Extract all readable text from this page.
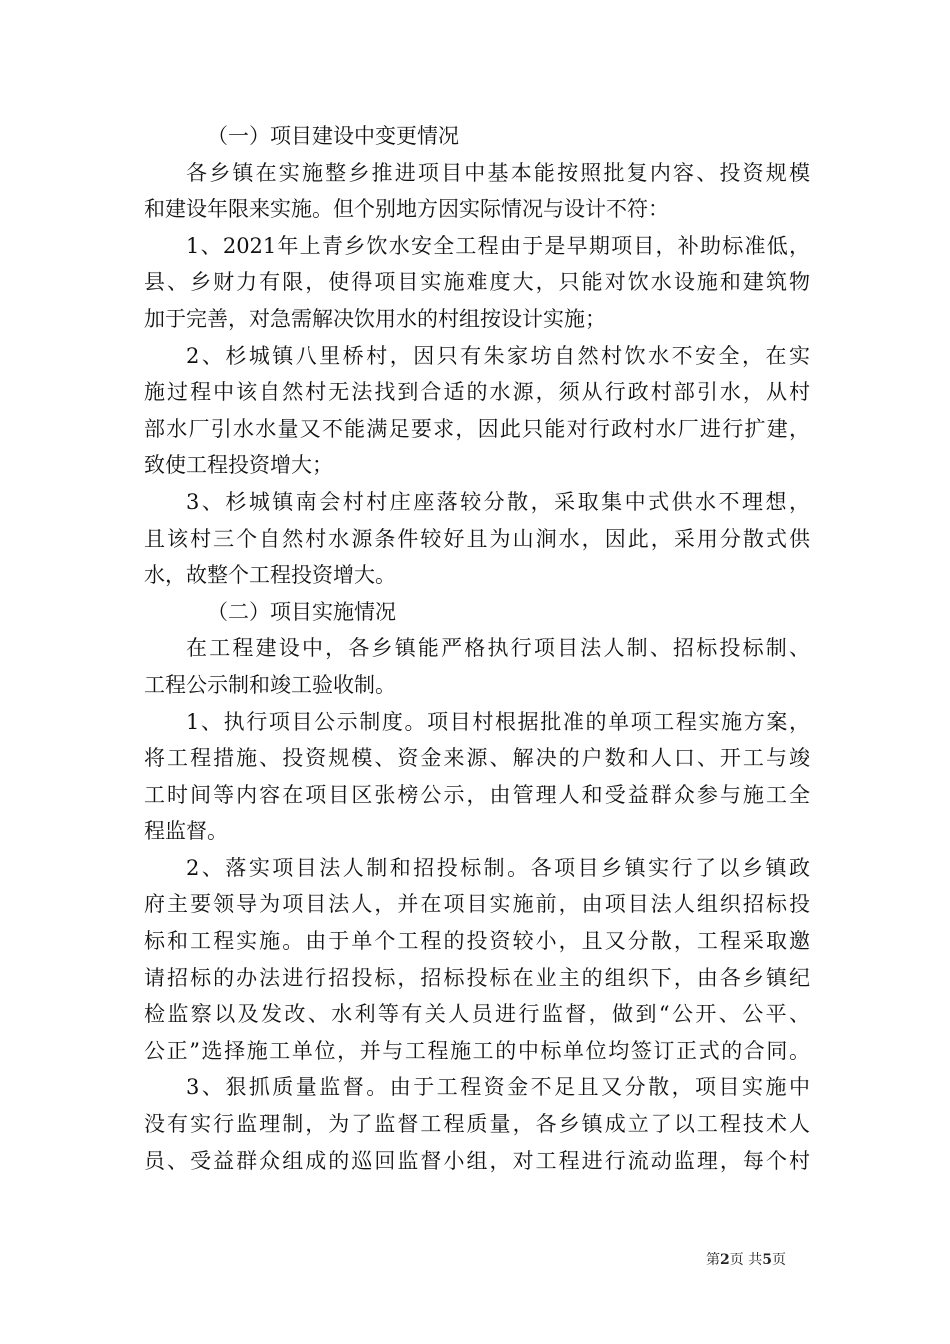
（一）项目建设中变更情况
各乡镇在实施整乡推进项目中基本能按照批复内容、投资规模
和建设年限来实施。但个别地方因实际情况与设计不符：
1、2021年上青乡饮水安全工程由于是早期项目，补助标准低，
县、乡财力有限，使得项目实施难度大，只能对饮水设施和建筑物
加于完善，对急需解决饮用水的村组按设计实施；
2、杉城镇八里桥村，因只有朱家坊自然村饮水不安全，在实
施过程中该自然村无法找到合适的水源，须从行政村部引水，从村
部水厂引水水量又不能满足要求，因此只能对行政村水厂进行扩建，
致使工程投资增大；
3、杉城镇南会村村庄座落较分散，采取集中式供水不理想，
且该村三个自然村水源条件较好且为山涧水，因此，采用分散式供
水，故整个工程投资增大。
（二）项目实施情况
在工程建设中，各乡镇能严格执行项目法人制、招标投标制、
工程公示制和竣工验收制。
1、执行项目公示制度。项目村根据批准的单项工程实施方案，
将工程措施、投资规模、资金来源、解决的户数和人口、开工与竣
工时间等内容在项目区张榜公示，由管理人和受益群众参与施工全
程监督。
2、落实项目法人制和招投标制。各项目乡镇实行了以乡镇政
府主要领导为项目法人，并在项目实施前，由项目法人组织招标投
标和工程实施。由于单个工程的投资较小，且又分散，工程采取邀
请招标的办法进行招投标，招标投标在业主的组织下，由各乡镇纪
检监察以及发改、水利等有关人员进行监督，做到“公开、公平、
公正”选择施工单位，并与工程施工的中标单位均签订正式的合同。
3、狠抓质量监督。由于工程资金不足且又分散，项目实施中
没有实行监理制，为了监督工程质量，各乡镇成立了以工程技术人
员、受益群众组成的巡回监督小组，对工程进行流动监理，每个村
第2页 共5页
